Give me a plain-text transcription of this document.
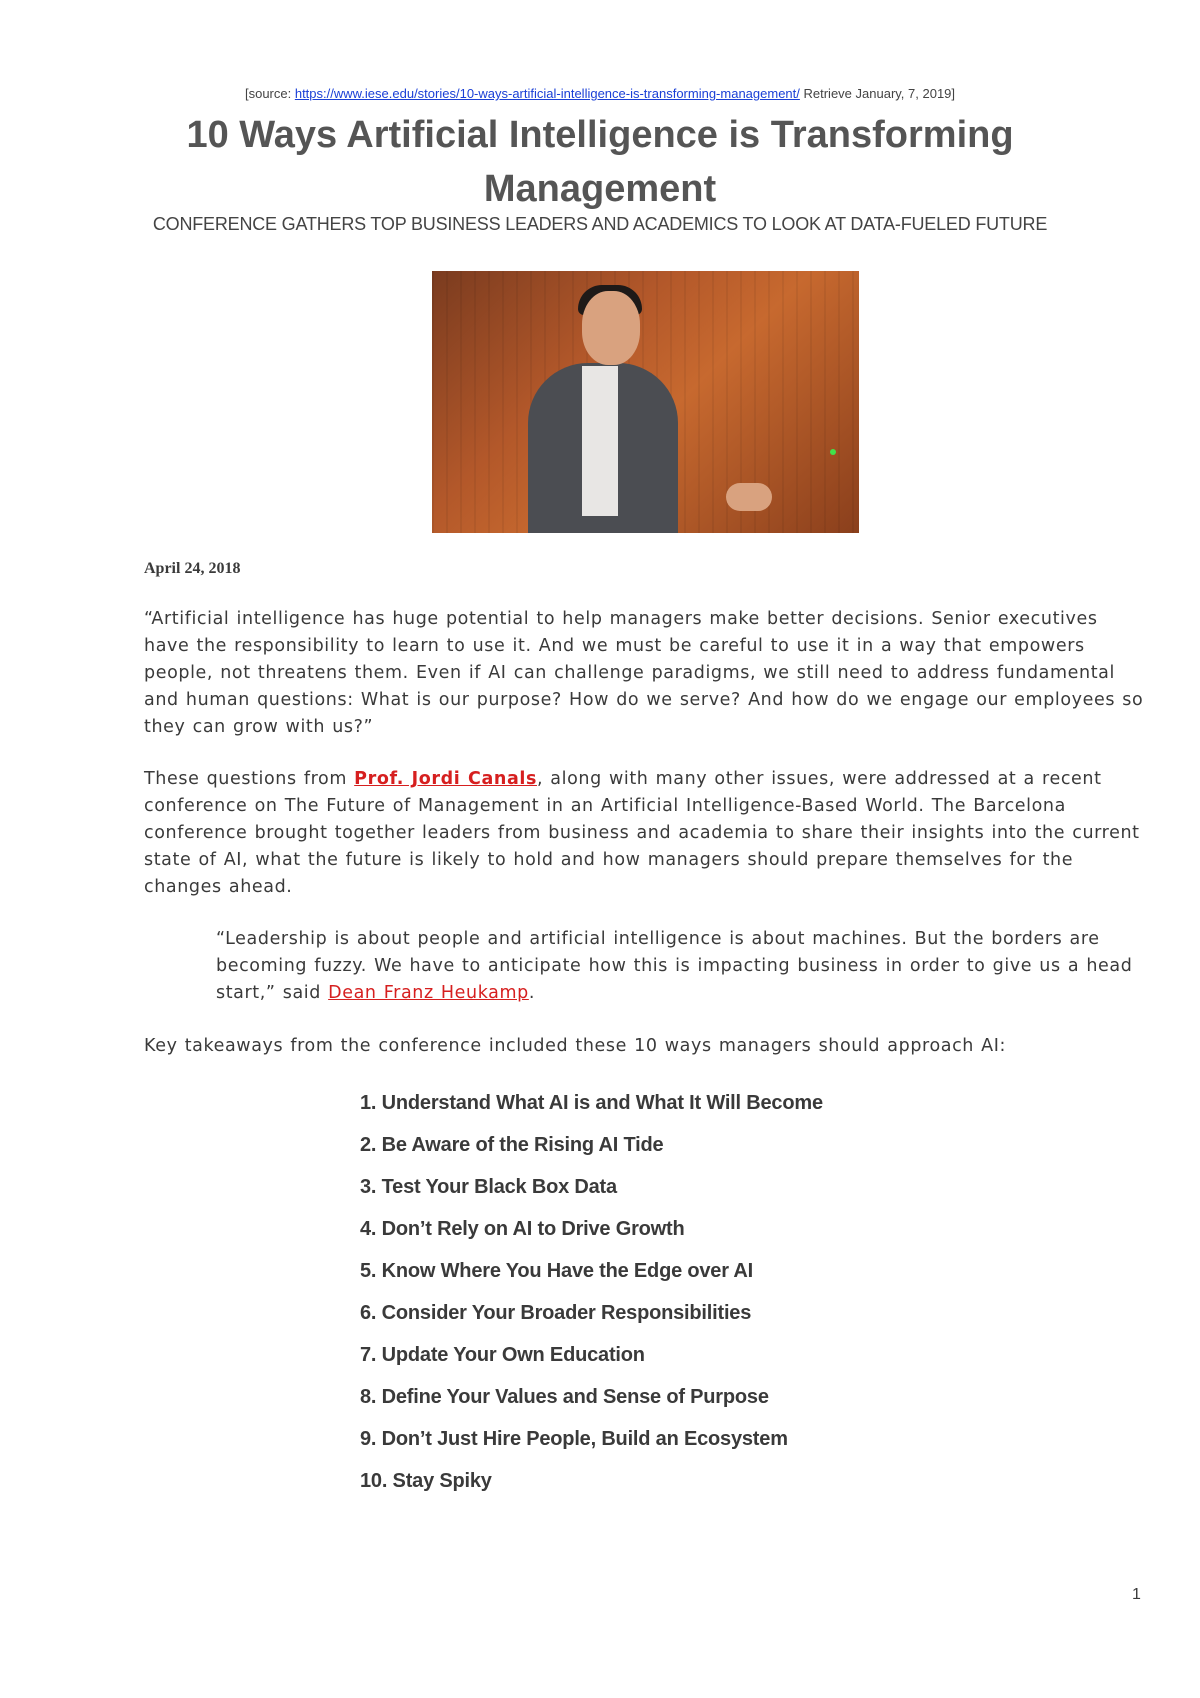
[source: https://www.iese.edu/stories/10-ways-artificial-intelligence-is-transforming-management/ Retrieve January, 7, 2019]
10 Ways Artificial Intelligence is Transforming Management
CONFERENCE GATHERS TOP BUSINESS LEADERS AND ACADEMICS TO LOOK AT DATA-FUELED FUTURE
April 24, 2018

“Artificial intelligence has huge potential to help managers make better decisions. Senior executives have the responsibility to learn to use it. And we must be careful to use it in a way that empowers people, not threatens them. Even if AI can challenge paradigms, we still need to address fundamental and human questions: What is our purpose? How do we serve? And how do we engage our employees so they can grow with us?”

These questions from Prof. Jordi Canals, along with many other issues, were addressed at a recent conference on The Future of Management in an Artificial Intelligence-Based World. The Barcelona conference brought together leaders from business and academia to share their insights into the current state of AI, what the future is likely to hold and how managers should prepare themselves for the changes ahead.

“Leadership is about people and artificial intelligence is about machines. But the borders are becoming fuzzy. We have to anticipate how this is impacting business in order to give us a head start,” said Dean Franz Heukamp.

Key takeaways from the conference included these 10 ways managers should approach AI:

1. Understand What AI is and What It Will Become
2. Be Aware of the Rising AI Tide
3. Test Your Black Box Data
4. Don’t Rely on AI to Drive Growth
5. Know Where You Have the Edge over AI
6. Consider Your Broader Responsibilities
7. Update Your Own Education
8. Define Your Values and Sense of Purpose
9. Don’t Just Hire People, Build an Ecosystem
10. Stay Spiky
1
